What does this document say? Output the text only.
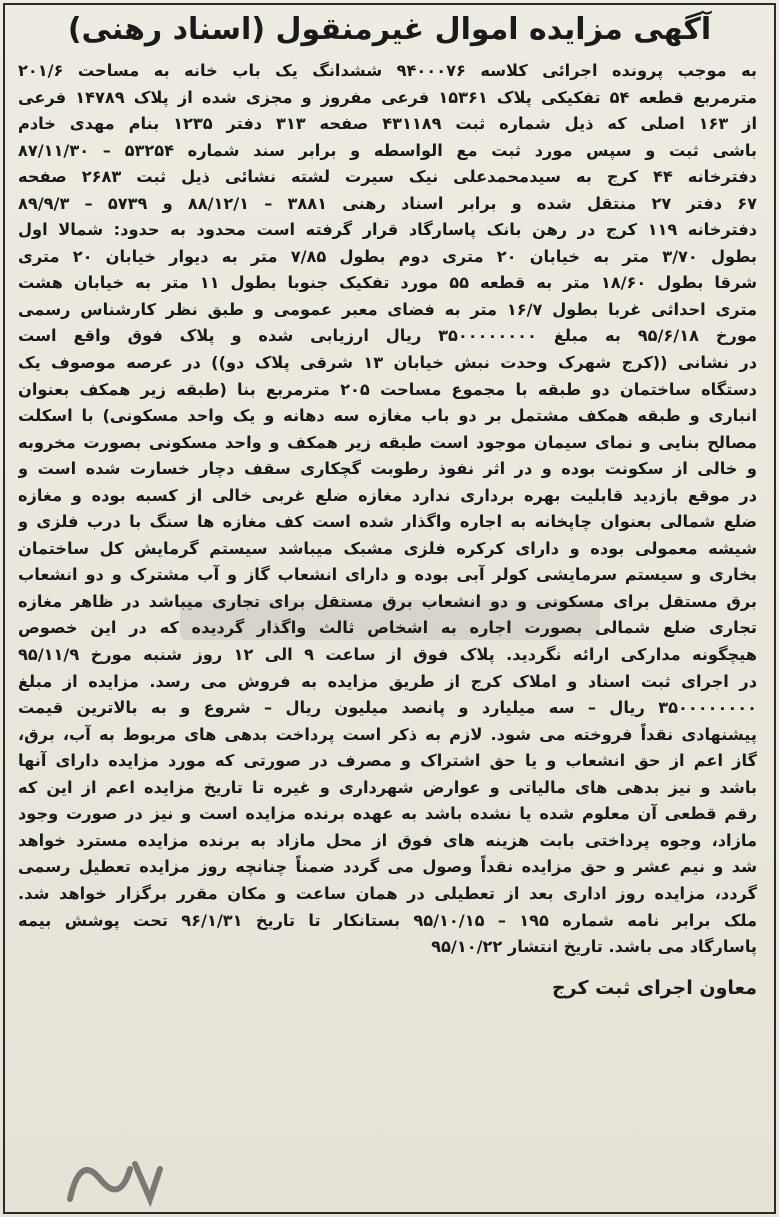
آگهی مزایده اموال غیرمنقول (اسناد رهنی)
به موجب پرونده اجرائی کلاسه ۹۴۰۰۰۷۶ ششدانگ یک باب خانه به مساحت ۲۰۱/۶
مترمربع قطعه ۵۴ تفکیکی پلاک ۱۵۳۶۱ فرعی مفروز و مجزی شده از پلاک ۱۴۷۸۹ فرعی
از ۱۶۳ اصلی که ذیل شماره ثبت ۴۳۱۱۸۹ صفحه ۳۱۳ دفتر ۱۲۳۵ بنام مهدی خادم
باشی ثبت و سپس مورد ثبت مع الواسطه و برابر سند شماره ۵۳۲۵۴ – ۸۷/۱۱/۳۰
دفترخانه ۴۴ کرج به سیدمحمدعلی نیک سیرت لشته نشائی ذیل ثبت ۲۶۸۳ صفحه
۶۷ دفتر ۲۷ منتقل شده و برابر اسناد رهنی ۳۸۸۱ – ۸۸/۱۲/۱ و ۵۷۳۹ – ۸۹/۹/۳
دفترخانه ۱۱۹ کرج در رهن بانک پاسارگاد قرار گرفته است محدود به حدود: شمالا اول
بطول ۳/۷۰ متر به خیابان ۲۰ متری دوم بطول ۷/۸۵ متر به دیوار خیابان ۲۰ متری
شرقا بطول ۱۸/۶۰ متر به قطعه ۵۵ مورد تفکیک جنوبا بطول ۱۱ متر به خیابان هشت
متری احداثی غربا بطول ۱۶/۷ متر به فضای معبر عمومی و طبق نظر کارشناس رسمی
مورخ ۹۵/۶/۱۸ به مبلغ ۳۵۰۰۰۰۰۰۰۰ ریال ارزیابی شده و پلاک فوق واقع است
در نشانی ((کرج شهرک وحدت نبش خیابان ۱۳ شرقی پلاک دو)) در عرصه موصوف یک
دستگاه ساختمان دو طبقه با مجموع مساحت ۲۰۵ مترمربع بنا (طبقه زیر همکف بعنوان
انباری و طبقه همکف مشتمل بر دو باب مغازه سه دهانه و یک واحد مسکونی) با اسکلت
مصالح بنایی و نمای سیمان موجود است طبقه زیر همکف و واحد مسکونی بصورت مخروبه
و خالی از سکونت بوده و در اثر نفوذ رطوبت گچکاری سقف دچار خسارت شده است و
در موقع بازدید قابلیت بهره برداری ندارد مغازه ضلع غربی خالی از کسبه بوده و مغازه
ضلع شمالی بعنوان چاپخانه به اجاره واگذار شده است کف مغازه ها سنگ با درب فلزی و
شیشه معمولی بوده و دارای کرکره فلزی مشبک میباشد سیستم گرمایش کل ساختمان
بخاری و سیستم سرمایشی کولر آبی بوده و دارای انشعاب گاز و آب مشترک و دو انشعاب
برق مستقل برای مسکونی و دو انشعاب برق مستقل برای تجاری میباشد در ظاهر مغازه
تجاری ضلع شمالی بصورت اجاره به اشخاص ثالث واگذار گردیده که در این خصوص
هیچگونه مدارکی ارائه نگردید. پلاک فوق از ساعت ۹ الی ۱۲ روز شنبه مورخ ۹۵/۱۱/۹
در اجرای ثبت اسناد و املاک کرج از طریق مزایده به فروش می رسد. مزایده از مبلغ
۳۵۰۰۰۰۰۰۰۰ ریال – سه میلیارد و پانصد میلیون ریال – شروع و به بالاترین قیمت
پیشنهادی نقداً فروخته می شود. لازم به ذکر است پرداخت بدهی های مربوط به آب، برق،
گاز اعم از حق انشعاب و یا حق اشتراک و مصرف در صورتی که مورد مزایده دارای آنها
باشد و نیز بدهی های مالیاتی و عوارض شهرداری و غیره تا تاریخ مزایده اعم از این که
رقم قطعی آن معلوم شده یا نشده باشد به عهده برنده مزایده است و نیز در صورت وجود
مازاد، وجوه پرداختی بابت هزینه های فوق از محل مازاد به برنده مزایده مسترد خواهد
شد و نیم عشر و حق مزایده نقداً وصول می گردد ضمناً چنانچه روز مزایده تعطیل رسمی
گردد، مزایده روز اداری بعد از تعطیلی در همان ساعت و مکان مقرر برگزار خواهد شد.
ملک برابر نامه شماره ۱۹۵ – ۹۵/۱۰/۱۵ بستانکار تا تاریخ ۹۶/۱/۳۱ تحت پوشش بیمه
پاسارگاد می باشد. تاریخ انتشار ۹۵/۱۰/۲۲
معاون اجرای ثبت کرج
